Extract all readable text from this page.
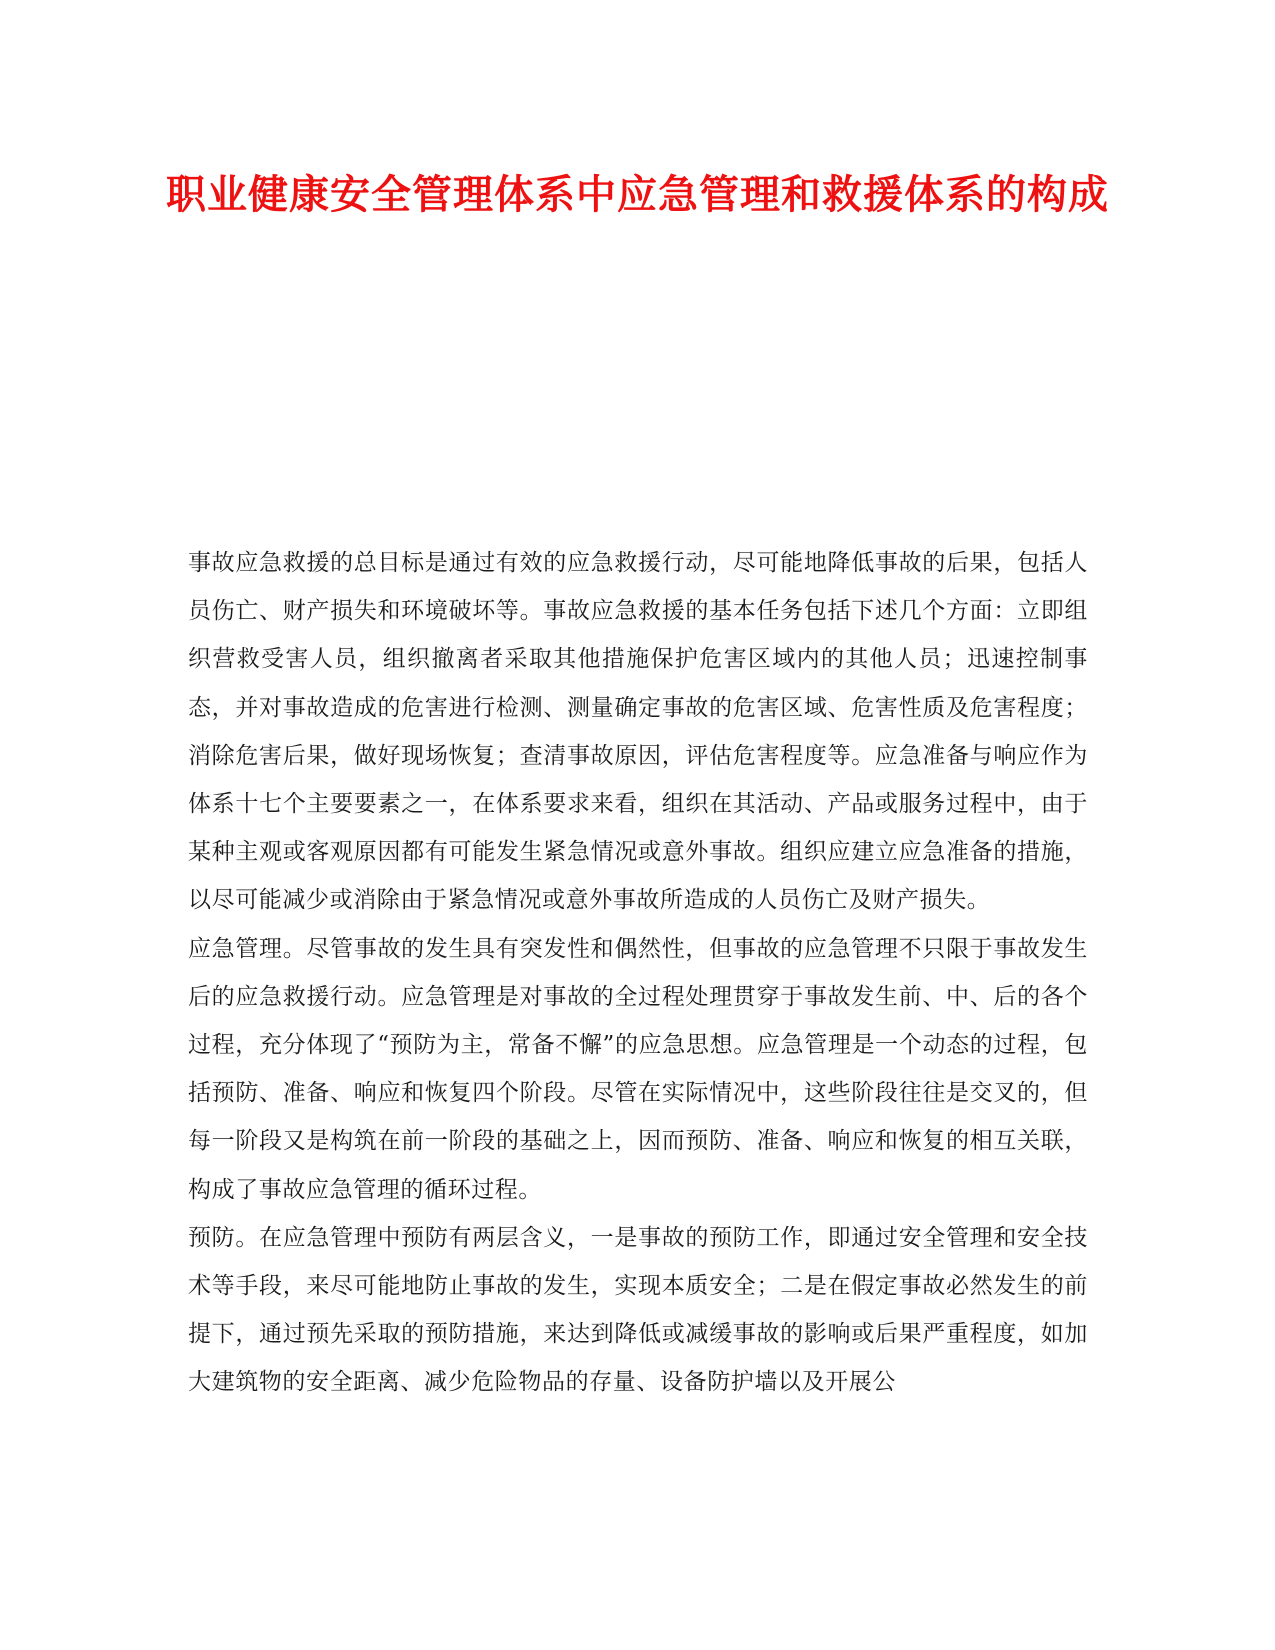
职业健康安全管理体系中应急管理和救援体系的构成

事故应急救援的总目标是通过有效的应急救援行动，尽可能地降低事故的后果，包括人员伤亡、财产损失和环境破坏等。事故应急救援的基本任务包括下述几个方面：立即组织营救受害人员，组织撤离者采取其他措施保护危害区域内的其他人员；迅速控制事态，并对事故造成的危害进行检测、测量确定事故的危害区域、危害性质及危害程度；消除危害后果，做好现场恢复；查清事故原因，评估危害程度等。应急准备与响应作为体系十七个主要要素之一，在体系要求来看，组织在其活动、产品或服务过程中，由于某种主观或客观原因都有可能发生紧急情况或意外事故。组织应建立应急准备的措施，以尽可能减少或消除由于紧急情况或意外事故所造成的人员伤亡及财产损失。

应急管理。尽管事故的发生具有突发性和偶然性，但事故的应急管理不只限于事故发生后的应急救援行动。应急管理是对事故的全过程处理贯穿于事故发生前、中、后的各个过程，充分体现了“预防为主，常备不懈”的应急思想。应急管理是一个动态的过程，包括预防、准备、响应和恢复四个阶段。尽管在实际情况中，这些阶段往往是交叉的，但每一阶段又是构筑在前一阶段的基础之上，因而预防、准备、响应和恢复的相互关联，构成了事故应急管理的循环过程。

预防。在应急管理中预防有两层含义，一是事故的预防工作，即通过安全管理和安全技术等手段，来尽可能地防止事故的发生，实现本质安全；二是在假定事故必然发生的前提下，通过预先采取的预防措施，来达到降低或减缓事故的影响或后果严重程度，如加大建筑物的安全距离、减少危险物品的存量、设备防护墙以及开展公
